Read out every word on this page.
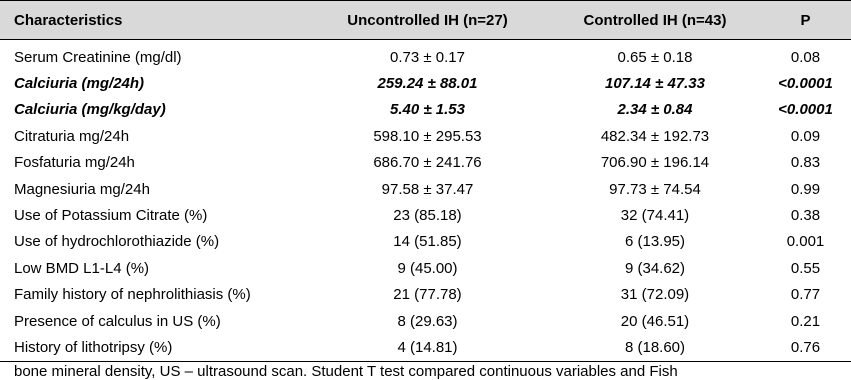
Characteristics	Uncontrolled IH (n=27)	Controlled IH (n=43)	P
Serum Creatinine (mg/dl)	0.73 ± 0.17	0.65 ± 0.18	0.08
Calciuria (mg/24h)	259.24 ± 88.01	107.14 ± 47.33	<0.0001
Calciuria (mg/kg/day)	5.40 ± 1.53	2.34 ± 0.84	<0.0001
Citraturia mg/24h	598.10 ± 295.53	482.34 ± 192.73	0.09
Fosfaturia mg/24h	686.70 ± 241.76	706.90 ± 196.14	0.83
Magnesiuria mg/24h	97.58 ± 37.47	97.73 ± 74.54	0.99
Use of Potassium Citrate (%)	23 (85.18)	32 (74.41)	0.38
Use of hydrochlorothiazide (%)	14 (51.85)	6 (13.95)	0.001
Low BMD L1-L4 (%)	9 (45.00)	9 (34.62)	0.55
Family history of nephrolithiasis (%)	21 (77.78)	31 (72.09)	0.77
Presence of calculus in US (%)	8 (29.63)	20 (46.51)	0.21
History of lithotripsy (%)	4 (14.81)	8 (18.60)	0.76
bone mineral density, US – ultrasound scan. Student T test compared continuous variables and Fish
